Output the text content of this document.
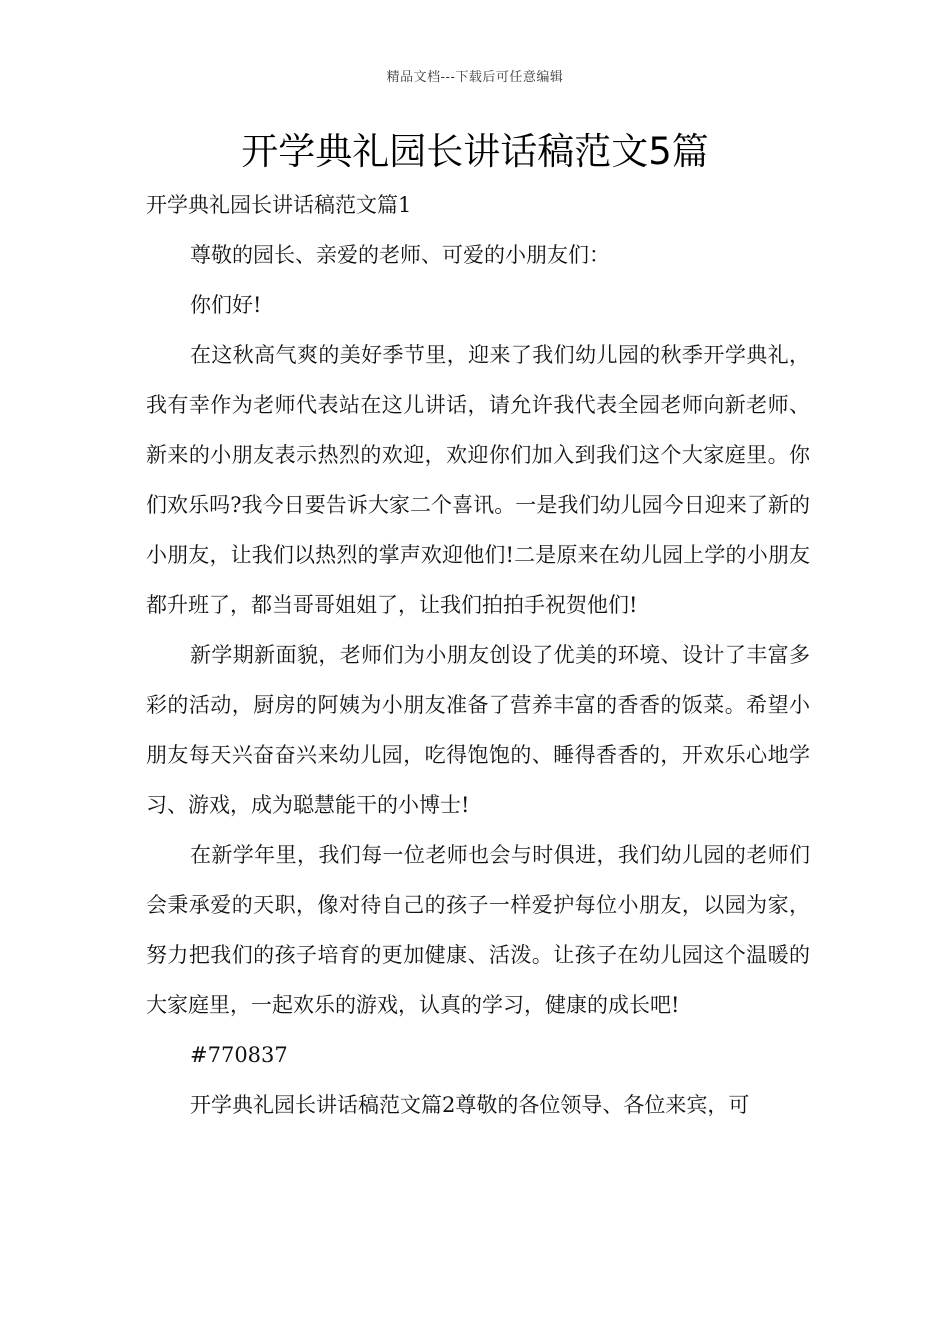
精品文档---下载后可任意编辑
开学典礼园长讲话稿范文5篇

开学典礼园长讲话稿范文篇1

尊敬的园长、亲爱的老师、可爱的小朋友们：

你们好!

在这秋高气爽的美好季节里，迎来了我们幼儿园的秋季开学典礼，我有幸作为老师代表站在这儿讲话，请允许我代表全园老师向新老师、新来的小朋友表示热烈的欢迎，欢迎你们加入到我们这个大家庭里。你们欢乐吗?我今日要告诉大家二个喜讯。一是我们幼儿园今日迎来了新的小朋友，让我们以热烈的掌声欢迎他们!二是原来在幼儿园上学的小朋友都升班了，都当哥哥姐姐了，让我们拍拍手祝贺他们!

新学期新面貌，老师们为小朋友创设了优美的环境、设计了丰富多彩的活动，厨房的阿姨为小朋友准备了营养丰富的香香的饭菜。希望小朋友每天兴奋奋兴来幼儿园，吃得饱饱的、睡得香香的，开欢乐心地学习、游戏，成为聪慧能干的小博士!

在新学年里，我们每一位老师也会与时俱进，我们幼儿园的老师们会秉承爱的天职，像对待自己的孩子一样爱护每位小朋友，以园为家，努力把我们的孩子培育的更加健康、活泼。让孩子在幼儿园这个温暖的大家庭里，一起欢乐的游戏，认真的学习，健康的成长吧!

#770837

开学典礼园长讲话稿范文篇2尊敬的各位领导、各位来宾，可
